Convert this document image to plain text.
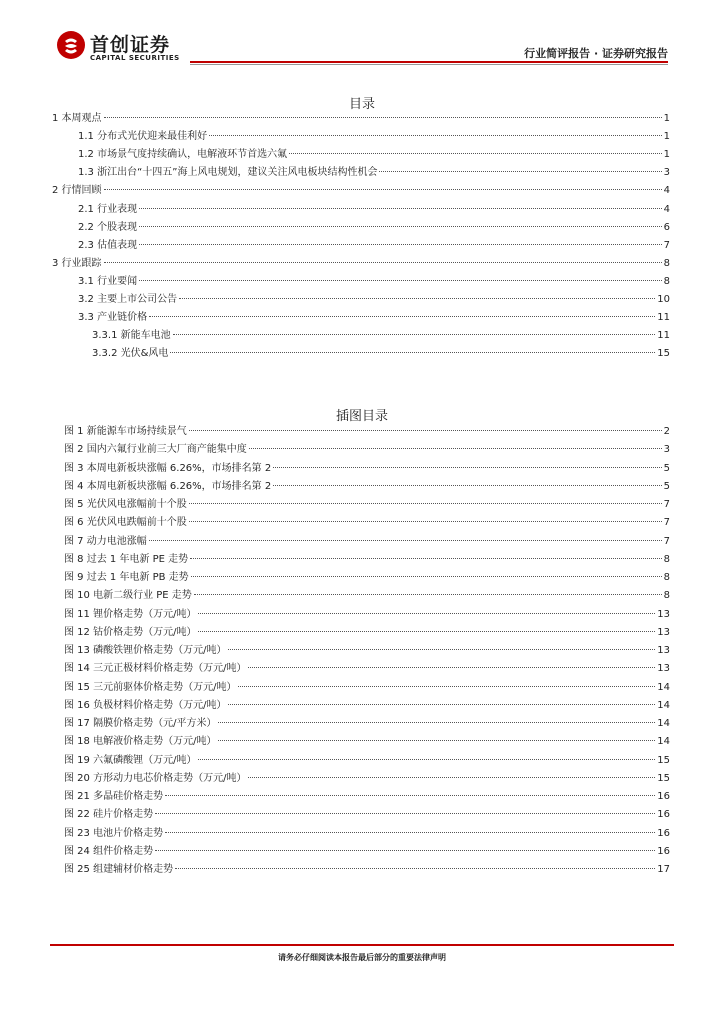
首创证券
CAPITAL SECURITIES	行业简评报告 · 证券研究报告
目录
1 本周观点	1
1.1 分布式光伏迎来最佳利好	1
1.2 市场景气度持续确认，电解液环节首选六氟	1
1.3 浙江出台“十四五”海上风电规划，建议关注风电板块结构性机会	3
2 行情回顾	4
2.1 行业表现	4
2.2 个股表现	6
2.3 估值表现	7
3 行业跟踪	8
3.1 行业要闻	8
3.2 主要上市公司公告	10
3.3 产业链价格	11
3.3.1 新能车电池	11
3.3.2 光伏&风电	15
插图目录
图 1 新能源车市场持续景气	2
图 2 国内六氟行业前三大厂商产能集中度	3
图 3 本周电新板块涨幅 6.26%，市场排名第 2	5
图 4 本周电新板块涨幅 6.26%，市场排名第 2	5
图 5 光伏风电涨幅前十个股	7
图 6 光伏风电跌幅前十个股	7
图 7 动力电池涨幅	7
图 8 过去 1 年电新 PE 走势	8
图 9 过去 1 年电新 PB 走势	8
图 10 电新二级行业 PE 走势	8
图 11 锂价格走势（万元/吨）	13
图 12 钴价格走势（万元/吨）	13
图 13 磷酸铁锂价格走势（万元/吨）	13
图 14 三元正极材料价格走势（万元/吨）	13
图 15 三元前驱体价格走势（万元/吨）	14
图 16 负极材料价格走势（万元/吨）	14
图 17 隔膜价格走势（元/平方米）	14
图 18 电解液价格走势（万元/吨）	14
图 19 六氟磷酸锂（万元/吨）	15
图 20 方形动力电芯价格走势（万元/吨）	15
图 21 多晶硅价格走势	16
图 22 硅片价格走势	16
图 23 电池片价格走势	16
图 24 组件价格走势	16
图 25 组建辅材价格走势	17
请务必仔细阅读本报告最后部分的重要法律声明
